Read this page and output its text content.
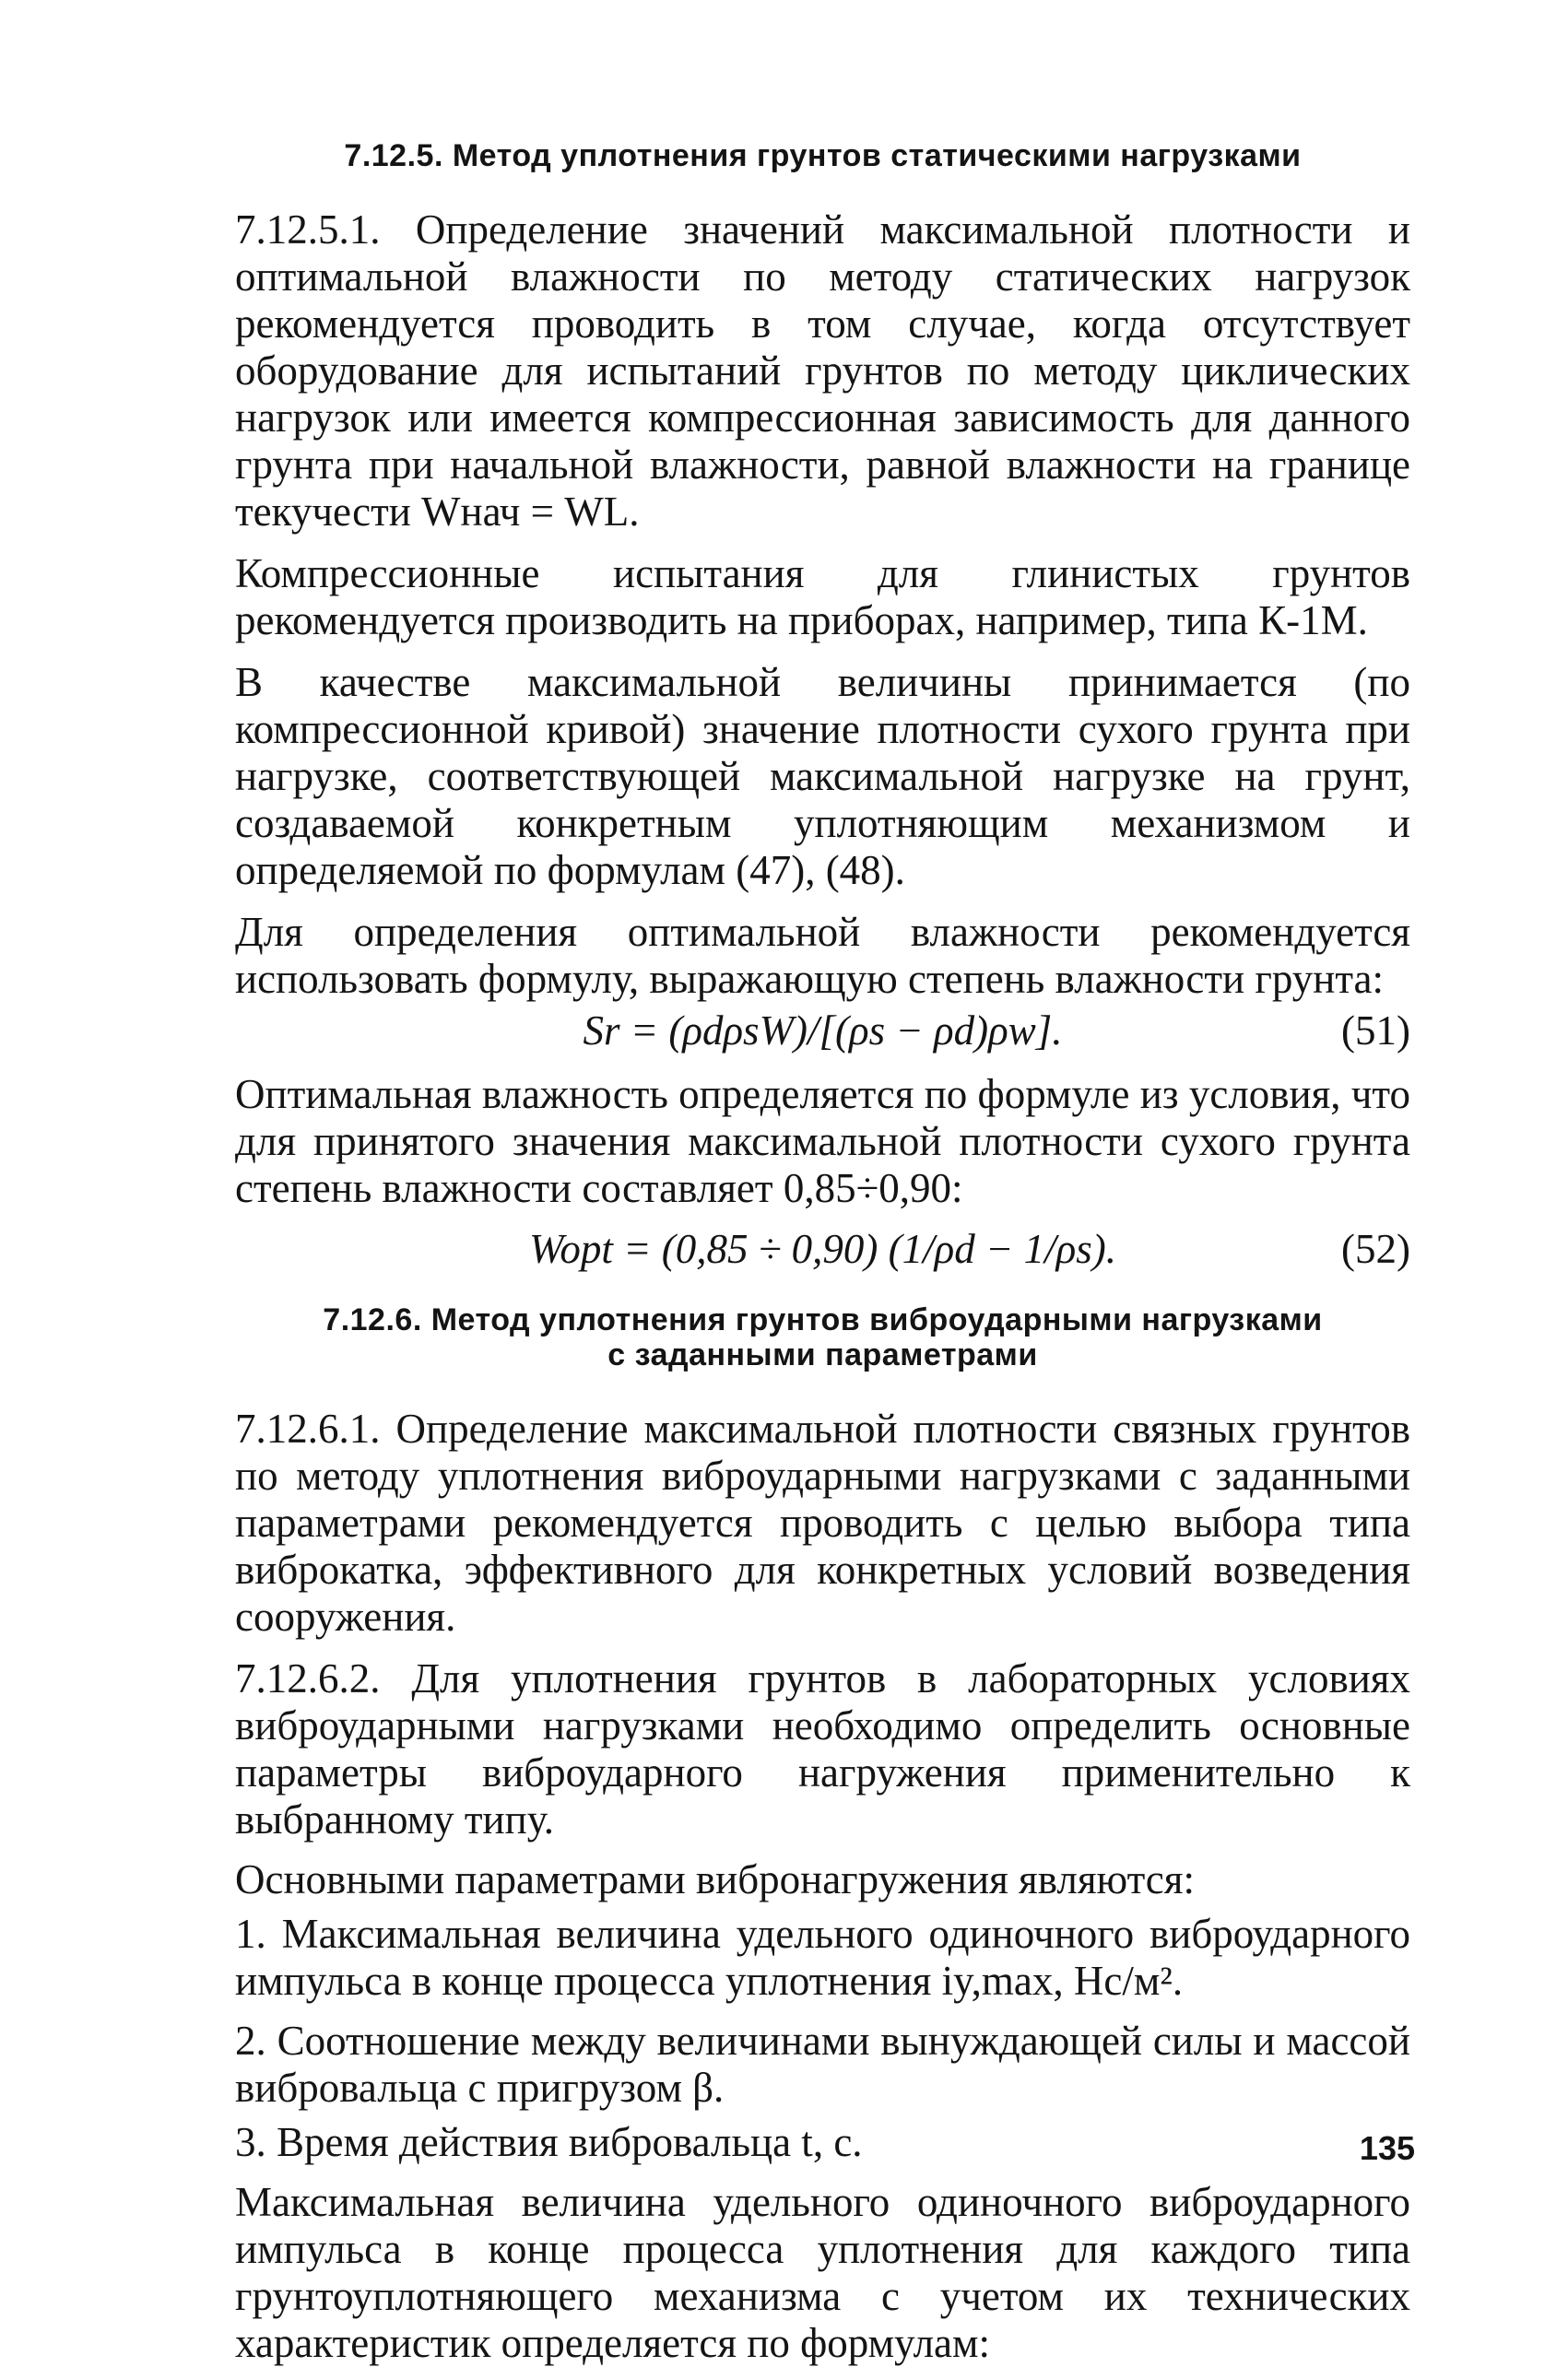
7.12.5. Метод уплотнения грунтов статическими нагрузками

7.12.5.1. Определение значений максимальной плотности и оптимальной влажности по методу статических нагрузок рекомендуется проводить в том случае, когда отсутствует оборудование для испытаний грунтов по методу циклических нагрузок или имеется компрессионная зависимость для данного грунта при начальной влажности, равной влажности на границе текучести Wнач = WL.

Компрессионные испытания для глинистых грунтов рекомендуется производить на приборах, например, типа К-1М.

В качестве максимальной величины принимается (по компрессионной кривой) значение плотности сухого грунта при нагрузке, соответствующей максимальной нагрузке на грунт, создаваемой конкретным уплотняющим механизмом и определяемой по формулам (47), (48).

Для определения оптимальной влажности рекомендуется использовать формулу, выражающую степень влажности грунта:

Sr = (ρdρsW)/[(ρs − ρd)ρw].	(51)

Оптимальная влажность определяется по формуле из условия, что для принятого значения максимальной плотности сухого грунта степень влажности составляет 0,85÷0,90:

Wopt = (0,85 ÷ 0,90) (1/ρd − 1/ρs).	(52)
7.12.6. Метод уплотнения грунтов виброударными нагрузками
с заданными параметрами

7.12.6.1. Определение максимальной плотности связных грунтов по методу уплотнения виброударными нагрузками с заданными параметрами рекомендуется проводить с целью выбора типа виброкатка, эффективного для конкретных условий возведения сооружения.

7.12.6.2. Для уплотнения грунтов в лабораторных условиях виброударными нагрузками необходимо определить основные параметры виброударного нагружения применительно к выбранному типу.

Основными параметрами вибронагружения являются:

1. Максимальная величина удельного одиночного виброударного импульса в конце процесса уплотнения iy,max, Нс/м².

2. Соотношение между величинами вынуждающей силы и массой вибровальца с пригрузом β.

3. Время действия вибровальца t, с.

Максимальная величина удельного одиночного виброударного импульса в конце процесса уплотнения для каждого типа грунтоуплотняющего механизма с учетом их технических характеристик определяется по формулам:

135
